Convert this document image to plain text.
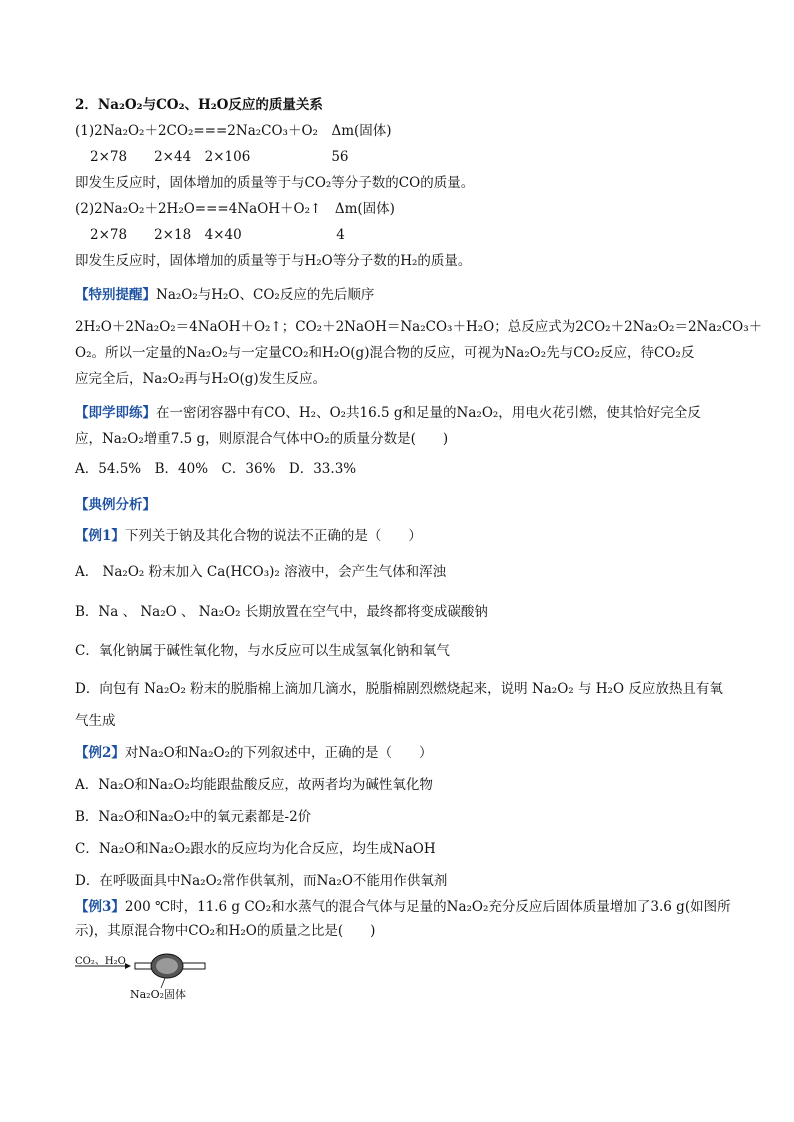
2．Na₂O₂与CO₂、H₂O反应的质量关系
(1)2Na₂O₂＋2CO₂===2Na₂CO₃＋O₂　Δm(固体)
2×78　　2×44　2×106　　　　　　56
即发生反应时，固体增加的质量等于与CO₂等分子数的CO的质量。
(2)2Na₂O₂＋2H₂O===4NaOH＋O₂↑　Δm(固体)
2×78　　2×18　4×40　　　　　　　4
即发生反应时，固体增加的质量等于与H₂O等分子数的H₂的质量。
【特别提醒】Na₂O₂与H₂O、CO₂反应的先后顺序
2H₂O＋2Na₂O₂＝4NaOH＋O₂↑；CO₂＋2NaOH＝Na₂CO₃＋H₂O；总反应式为2CO₂＋2Na₂O₂＝2Na₂CO₃＋
O₂。所以一定量的Na₂O₂与一定量CO₂和H₂O(g)混合物的反应，可视为Na₂O₂先与CO₂反应，待CO₂反
应完全后，Na₂O₂再与H₂O(g)发生反应。
【即学即练】在一密闭容器中有CO、H₂、O₂共16.5 g和足量的Na₂O₂，用电火花引燃，使其恰好完全反
应，Na₂O₂增重7.5 g，则原混合气体中O₂的质量分数是(　　)
A．54.5%　B．40%　C．36%　D．33.3%
【典例分析】
【例1】下列关于钠及其化合物的说法不正确的是（　　）
A． Na₂O₂ 粉末加入 Ca(HCO₃)₂ 溶液中，会产生气体和浑浊
B．Na 、 Na₂O 、 Na₂O₂ 长期放置在空气中，最终都将变成碳酸钠
C．氧化钠属于碱性氧化物，与水反应可以生成氢氧化钠和氧气
D．向包有 Na₂O₂ 粉末的脱脂棉上滴加几滴水，脱脂棉剧烈燃烧起来，说明 Na₂O₂ 与 H₂O 反应放热且有氧
气生成
【例2】对Na₂O和Na₂O₂的下列叙述中，正确的是（　　）
A．Na₂O和Na₂O₂均能跟盐酸反应，故两者均为碱性氧化物
B．Na₂O和Na₂O₂中的氧元素都是-2价
C．Na₂O和Na₂O₂跟水的反应均为化合反应，均生成NaOH
D．在呼吸面具中Na₂O₂常作供氧剂，而Na₂O不能用作供氧剂
【例3】200 ℃时，11.6 g CO₂和水蒸气的混合气体与足量的Na₂O₂充分反应后固体质量增加了3.6 g(如图所
示)，其原混合物中CO₂和H₂O的质量之比是(　　)
CO₂、H₂O
Na₂O₂固体
